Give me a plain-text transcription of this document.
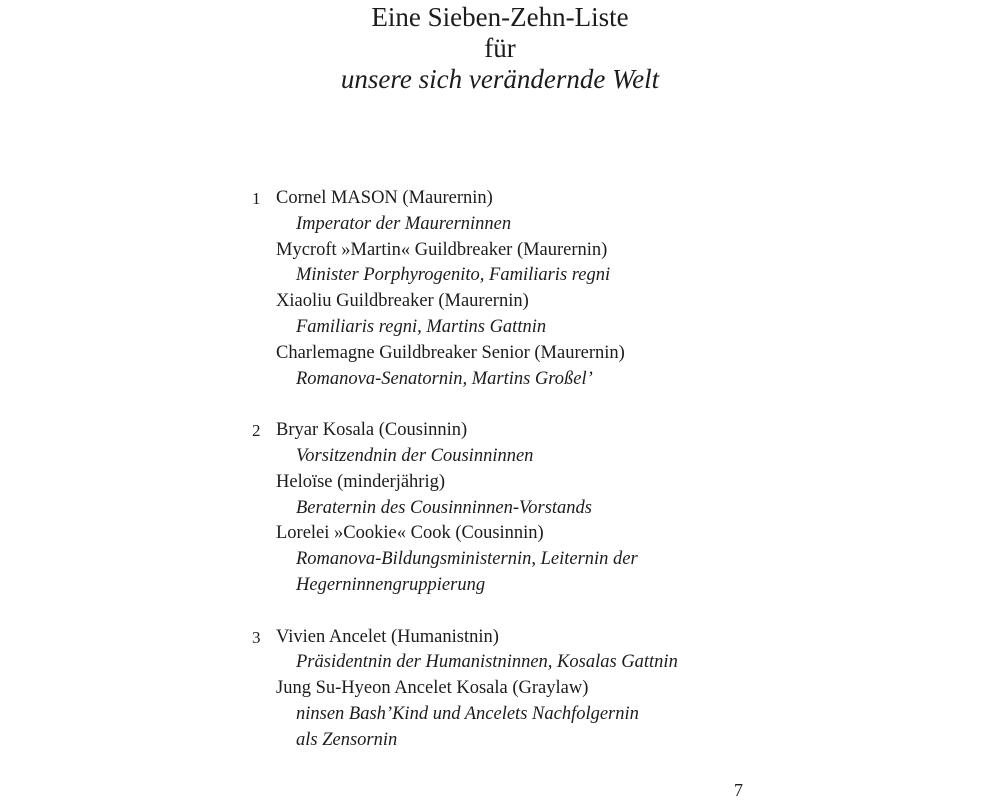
Eine Sieben-Zehn-Liste
für
unsere sich verändernde Welt
1 Cornel MASON (Maurernin)
Imperator der Maurerninnen
Mycroft »Martin« Guildbreaker (Maurernin)
Minister Porphyrogenito, Familiaris regni
Xiaoliu Guildbreaker (Maurernin)
Familiaris regni, Martins Gattnin
Charlemagne Guildbreaker Senior (Maurernin)
Romanova-Senatornin, Martins Großel’
2 Bryar Kosala (Cousinnin)
Vorsitzendnin der Cousinninnen
Heloïse (minderjährig)
Beraternin des Cousinninnen-Vorstands
Lorelei »Cookie« Cook (Cousinnin)
Romanova-Bildungsministernin, Leiternin der
Hegerninnengruppierung
3 Vivien Ancelet (Humanistnin)
Präsidentnin der Humanistninnen, Kosalas Gattnin
Jung Su-Hyeon Ancelet Kosala (Graylaw)
ninsen Bash’Kind und Ancelets Nachfolgernin
als Zensornin
7
